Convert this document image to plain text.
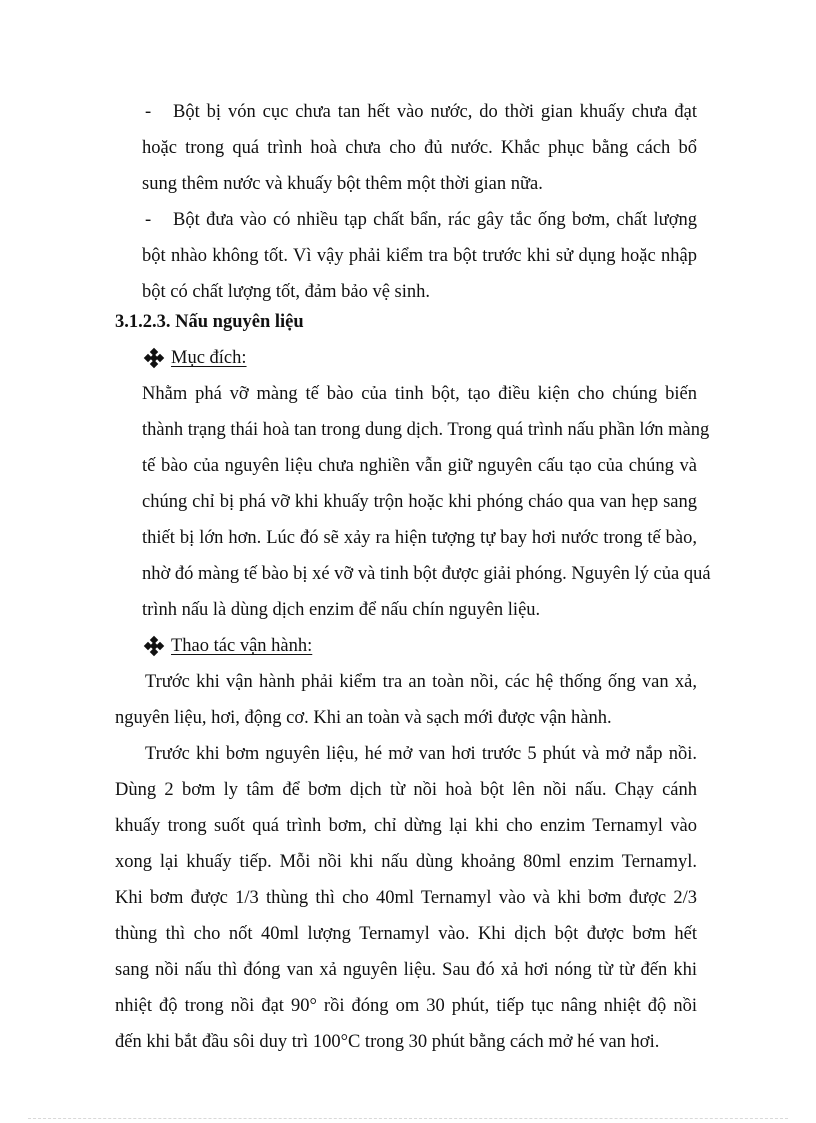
- Bột bị vón cục chưa tan hết vào nước, do thời gian khuấy chưa đạt
hoặc trong quá trình hoà chưa cho đủ nước. Khắc phục bằng cách bổ
sung thêm nước và khuấy bột thêm một thời gian nữa.
- Bột đưa vào có nhiều tạp chất bẩn, rác gây tắc ống bơm, chất lượng
bột nhào không tốt. Vì vậy phải kiểm tra bột trước khi sử dụng hoặc nhập
bột có chất lượng tốt, đảm bảo vệ sinh.
3.1.2.3. Nấu nguyên liệu
Mục đích:
Nhằm phá vỡ màng tế bào của tinh bột, tạo điều kiện cho chúng biến
thành trạng thái hoà tan trong dung dịch. Trong quá trình nấu phần lớn màng
tế bào của nguyên liệu chưa nghiền vẫn giữ nguyên cấu tạo của chúng và
chúng chỉ bị phá vỡ khi khuấy trộn hoặc khi phóng cháo qua van hẹp sang
thiết bị lớn hơn. Lúc đó sẽ xảy ra hiện tượng tự bay hơi nước trong tế bào,
nhờ đó màng tế bào bị xé vỡ và tinh bột được giải phóng. Nguyên lý của quá
trình nấu là dùng dịch enzim để nấu chín nguyên liệu.
Thao tác vận hành:
Trước khi vận hành phải kiểm tra an toàn nồi, các hệ thống ống van xả,
nguyên liệu, hơi, động cơ. Khi an toàn và sạch mới được vận hành.
Trước khi bơm nguyên liệu, hé mở van hơi trước 5 phút và mở nắp nồi.
Dùng 2 bơm ly tâm để bơm dịch từ nồi hoà bột lên nồi nấu. Chạy cánh
khuấy trong suốt quá trình bơm, chỉ dừng lại khi cho enzim Ternamyl vào
xong lại khuấy tiếp. Mỗi nồi khi nấu dùng khoảng 80ml enzim Ternamyl.
Khi bơm được 1/3 thùng thì cho 40ml Ternamyl vào và khi bơm được 2/3
thùng thì cho nốt 40ml lượng Ternamyl vào. Khi dịch bột được bơm hết
sang nồi nấu thì đóng van xả nguyên liệu. Sau đó xả hơi nóng từ từ đến khi
nhiệt độ trong nồi đạt 90° rồi đóng om 30 phút, tiếp tục nâng nhiệt độ nồi
đến khi bắt đầu sôi duy trì 100°C trong 30 phút bằng cách mở hé van hơi.
